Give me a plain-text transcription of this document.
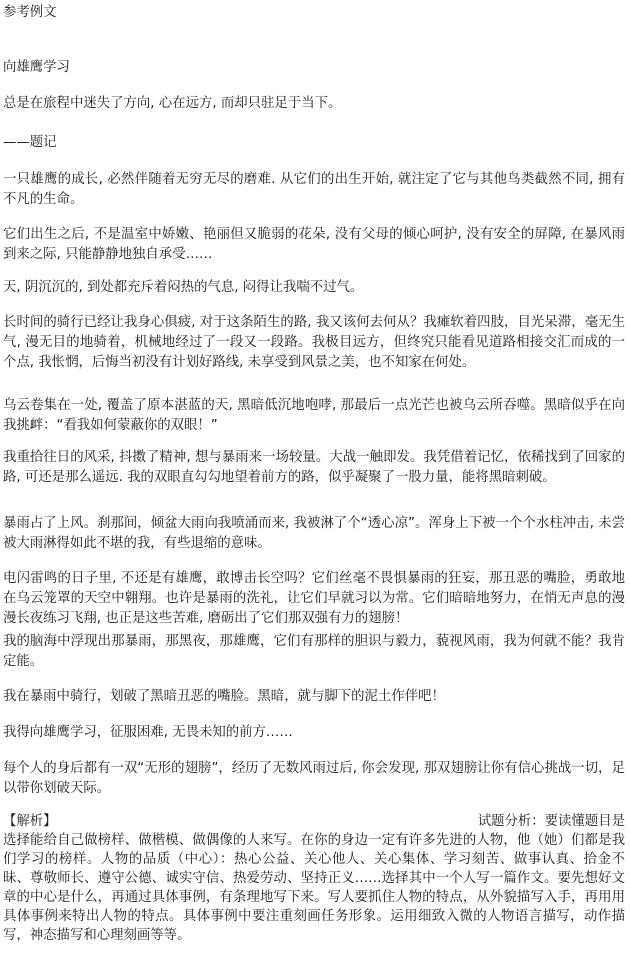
参考例文

向雄鹰学习

总是在旅程中迷失了方向, 心在远方, 而却只驻足于当下。

——题记

一只雄鹰的成长, 必然伴随着无穷无尽的磨难. 从它们的出生开始, 就注定了它与其他鸟类截然不同, 拥有不凡的生命。

它们出生之后, 不是温室中娇嫩、艳丽但又脆弱的花朵, 没有父母的倾心呵护, 没有安全的屏障, 在暴风雨到来之际, 只能静静地独自承受……

天, 阴沉沉的, 到处都充斥着闷热的气息, 闷得让我喘不过气。

长时间的骑行已经让我身心俱疲, 对于这条陌生的路, 我又该何去何从？我瘫软着四肢，目光呆滞，毫无生气, 漫无目的地骑着，机械地经过了一段又一段路。我极目远方，但终究只能看见道路相接交汇而成的一个点, 我怅惘，后悔当初没有计划好路线, 未享受到风景之美，也不知家在何处。

乌云卷集在一处, 覆盖了原本湛蓝的天, 黑暗低沉地咆哮, 那最后一点光芒也被乌云所吞噬。黑暗似乎在向我挑衅：“看我如何蒙蔽你的双眼！”

我重拾往日的风采, 抖擞了精神, 想与暴雨来一场较量。大战一触即发。我凭借着记忆，依稀找到了回家的路, 可还是那么遥远. 我的双眼直勾勾地望着前方的路，似乎凝聚了一股力量，能将黑暗刺破。

暴雨占了上风。刹那间，倾盆大雨向我喷涌而来, 我被淋了个“透心凉”。浑身上下被一个个水柱冲击, 未尝被大雨淋得如此不堪的我，有些退缩的意味。

电闪雷鸣的日子里, 不还是有雄鹰，敢博击长空吗？它们丝毫不畏惧暴雨的狂妄，那丑恶的嘴脸，勇敢地在乌云笼罩的天空中翱翔。也许是暴雨的洗礼，让它们早就习以为常。它们暗暗地努力，在悄无声息的漫漫长夜练习飞翔, 也正是这些苦难, 磨砺出了它们那双强有力的翅膀！

我的脑海中浮现出那暴雨，那黑夜，那雄鹰，它们有那样的胆识与毅力，藐视风雨，我为何就不能？我肯定能。

我在暴雨中骑行，划破了黑暗丑恶的嘴脸。黑暗，就与脚下的泥土作伴吧！

我得向雄鹰学习，征服困难, 无畏未知的前方……

每个人的身后都有一双“无形的翅膀”，经历了无数风雨过后, 你会发现, 那双翅膀让你有信心挑战一切，足以带你划破天际。

【解析】	试题分析：要读懂题目是
选择能给自己做榜样、做楷模、做偶像的人来写。在你的身边一定有许多先进的人物，他（她）们都是我们学习的榜样。人物的品质（中心）：热心公益、关心他人、关心集体、学习刻苦、做事认真、拾金不昧、尊敬师长、遵守公德、诚实守信、热爱劳动、坚持正义……选择其中一个人写一篇作文。要先想好文章的中心是什么，再通过具体事例，有条理地写下来。写人要抓住人物的特点，从外貌描写入手，再用用具体事例来特出人物的特点。具体事例中要注重刻画任务形象。运用细致入微的人物语言描写，动作描写，神态描写和心理刻画等等。
